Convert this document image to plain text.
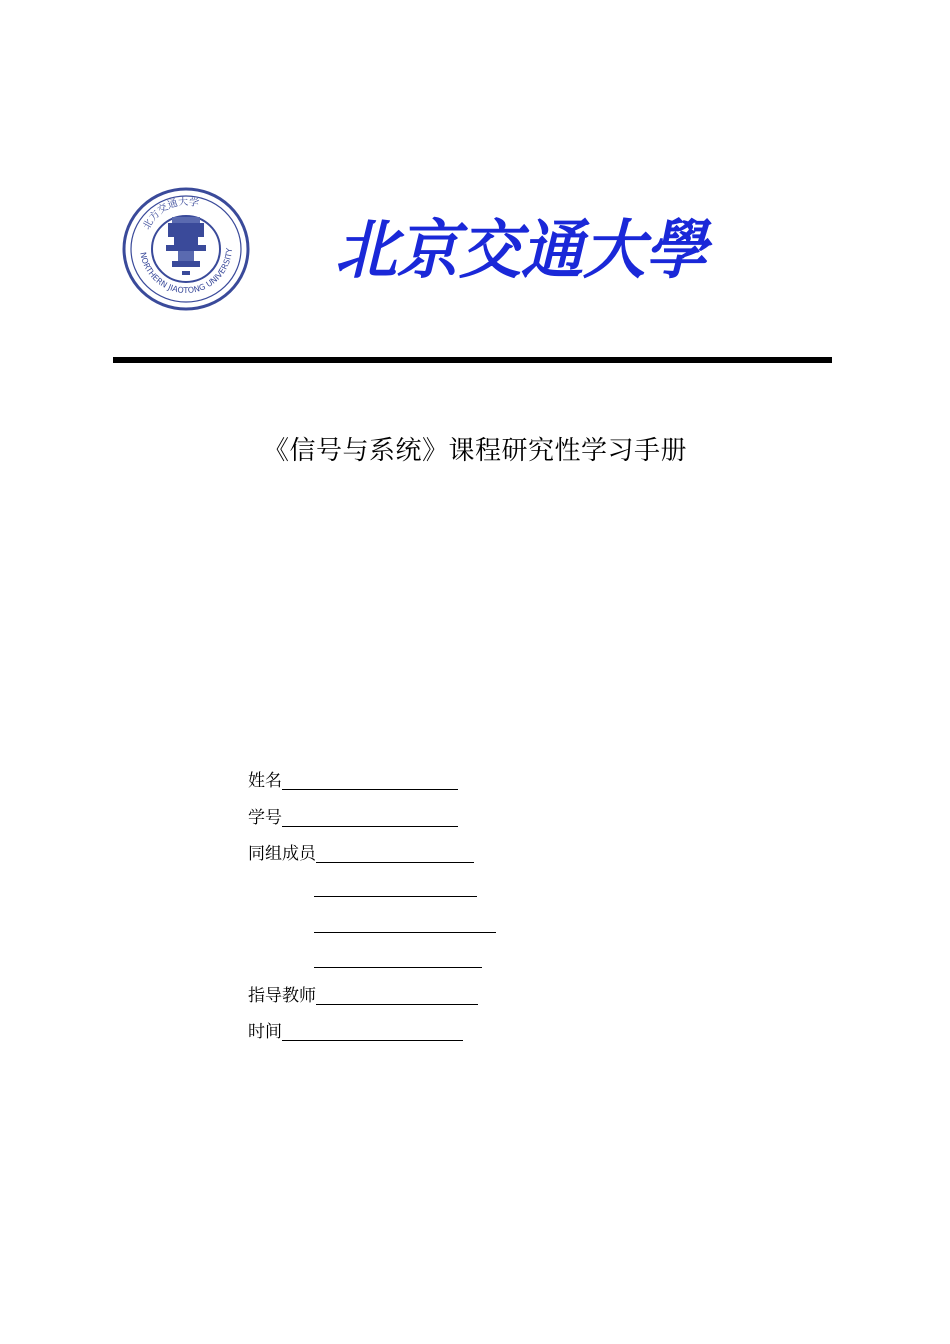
NORTHERN JIAOTONG UNIVERSITY
北方交通大学
北京交通大學
《信号与系统》课程研究性学习手册
姓名
学号
同组成员
指导教师
时间
